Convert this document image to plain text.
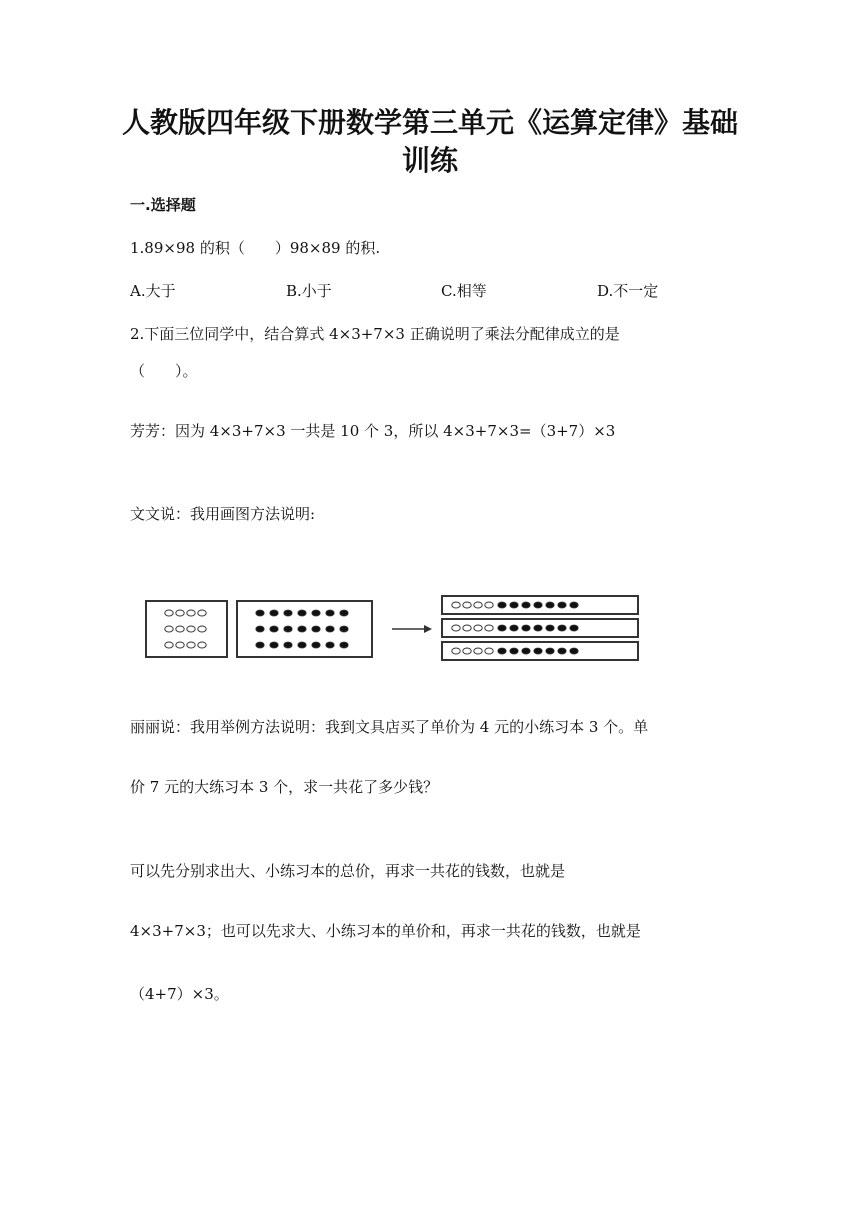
人教版四年级下册数学第三单元《运算定律》基础
训练
一.选择题
1.89×98 的积（　　）98×89 的积.
A.大于	B.小于	C.相等	D.不一定
2.下面三位同学中，结合算式 4×3+7×3 正确说明了乘法分配律成立的是
（　　）。
芳芳：因为 4×3+7×3 一共是 10 个 3，所以 4×3+7×3=（3+7）×3
文文说：我用画图方法说明:
丽丽说：我用举例方法说明：我到文具店买了单价为 4 元的小练习本 3 个。单
价 7 元的大练习本 3 个，求一共花了多少钱？
可以先分别求出大、小练习本的总价，再求一共花的钱数，也就是
4×3+7×3；也可以先求大、小练习本的单价和，再求一共花的钱数，也就是
（4+7）×3。
